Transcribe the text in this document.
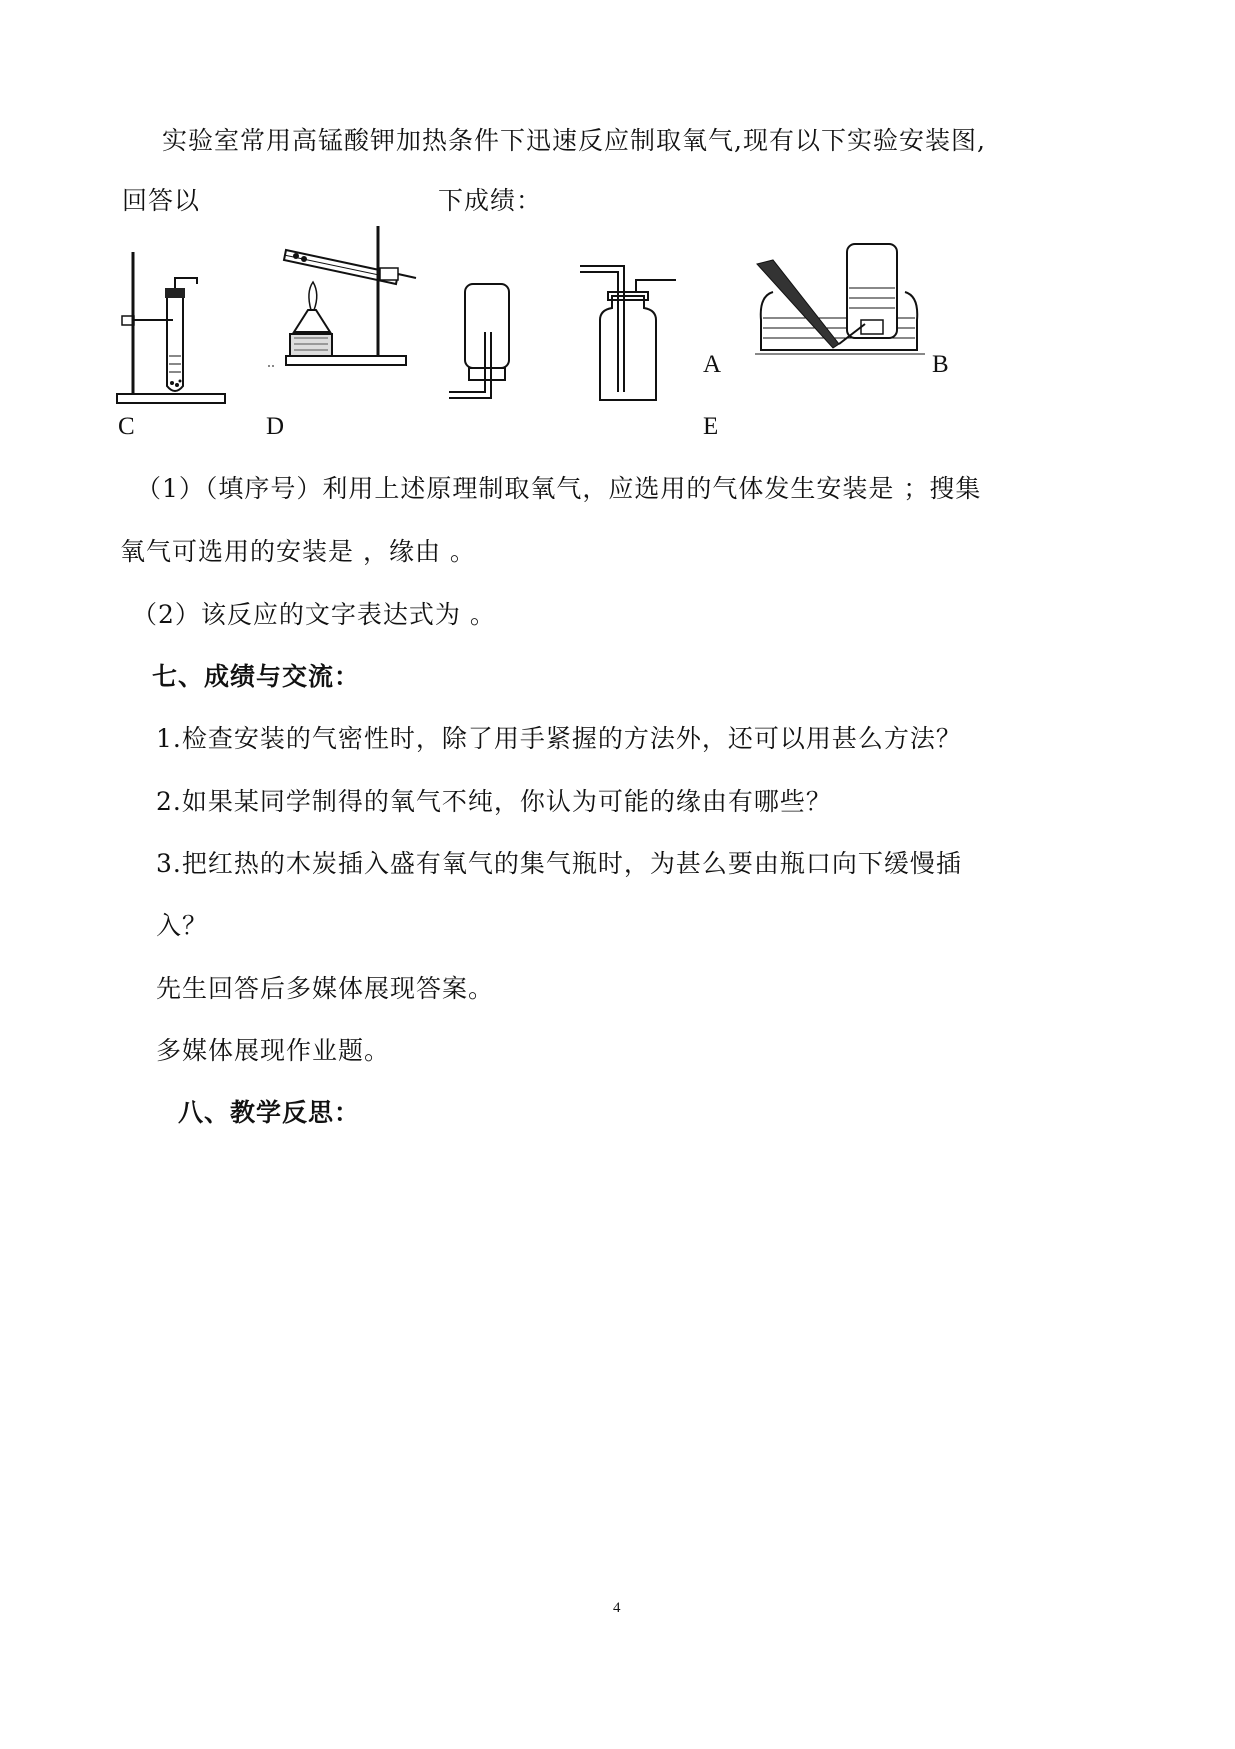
实验室常用高锰酸钾加热条件下迅速反应制取氧气,现有以下实验安装图,
回答以	下成绩：
A	B
C	D	E
（1）（填序号）利用上述原理制取氧气，应选用的气体发生安装是 ；搜集
氧气可选用的安装是 ，缘由 。
（2）该反应的文字表达式为 。
七、成绩与交流：
1.检查安装的气密性时，除了用手紧握的方法外，还可以用甚么方法？
2.如果某同学制得的氧气不纯，你认为可能的缘由有哪些？
3.把红热的木炭插入盛有氧气的集气瓶时，为甚么要由瓶口向下缓慢插
入？
先生回答后多媒体展现答案。
多媒体展现作业题。
八、教学反思：
4
